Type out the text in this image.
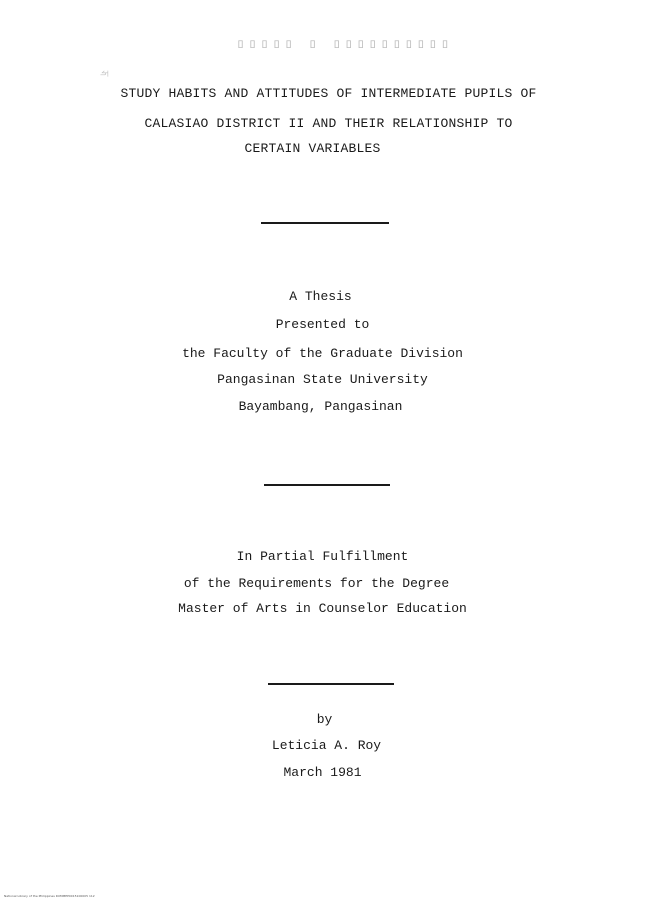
▯▯▯▯▯ ▯ ▯▯▯▯▯▯▯▯▯▯
ࡌ
STUDY HABITS AND ATTITUDES OF INTERMEDIATE PUPILS OF
CALASIAO DISTRICT II AND THEIR RELATIONSHIP TO
CERTAIN VARIABLES
A Thesis
Presented to
the Faculty of the Graduate Division
Pangasinan State University
Bayambang, Pangasinan
In Partial Fulfillment
of the Requirements for the Degree
Master of Arts in Counselor Education
by
Leticia A. Roy
March 1981
National Library of the Philippines RUMMEP0015100005 112
